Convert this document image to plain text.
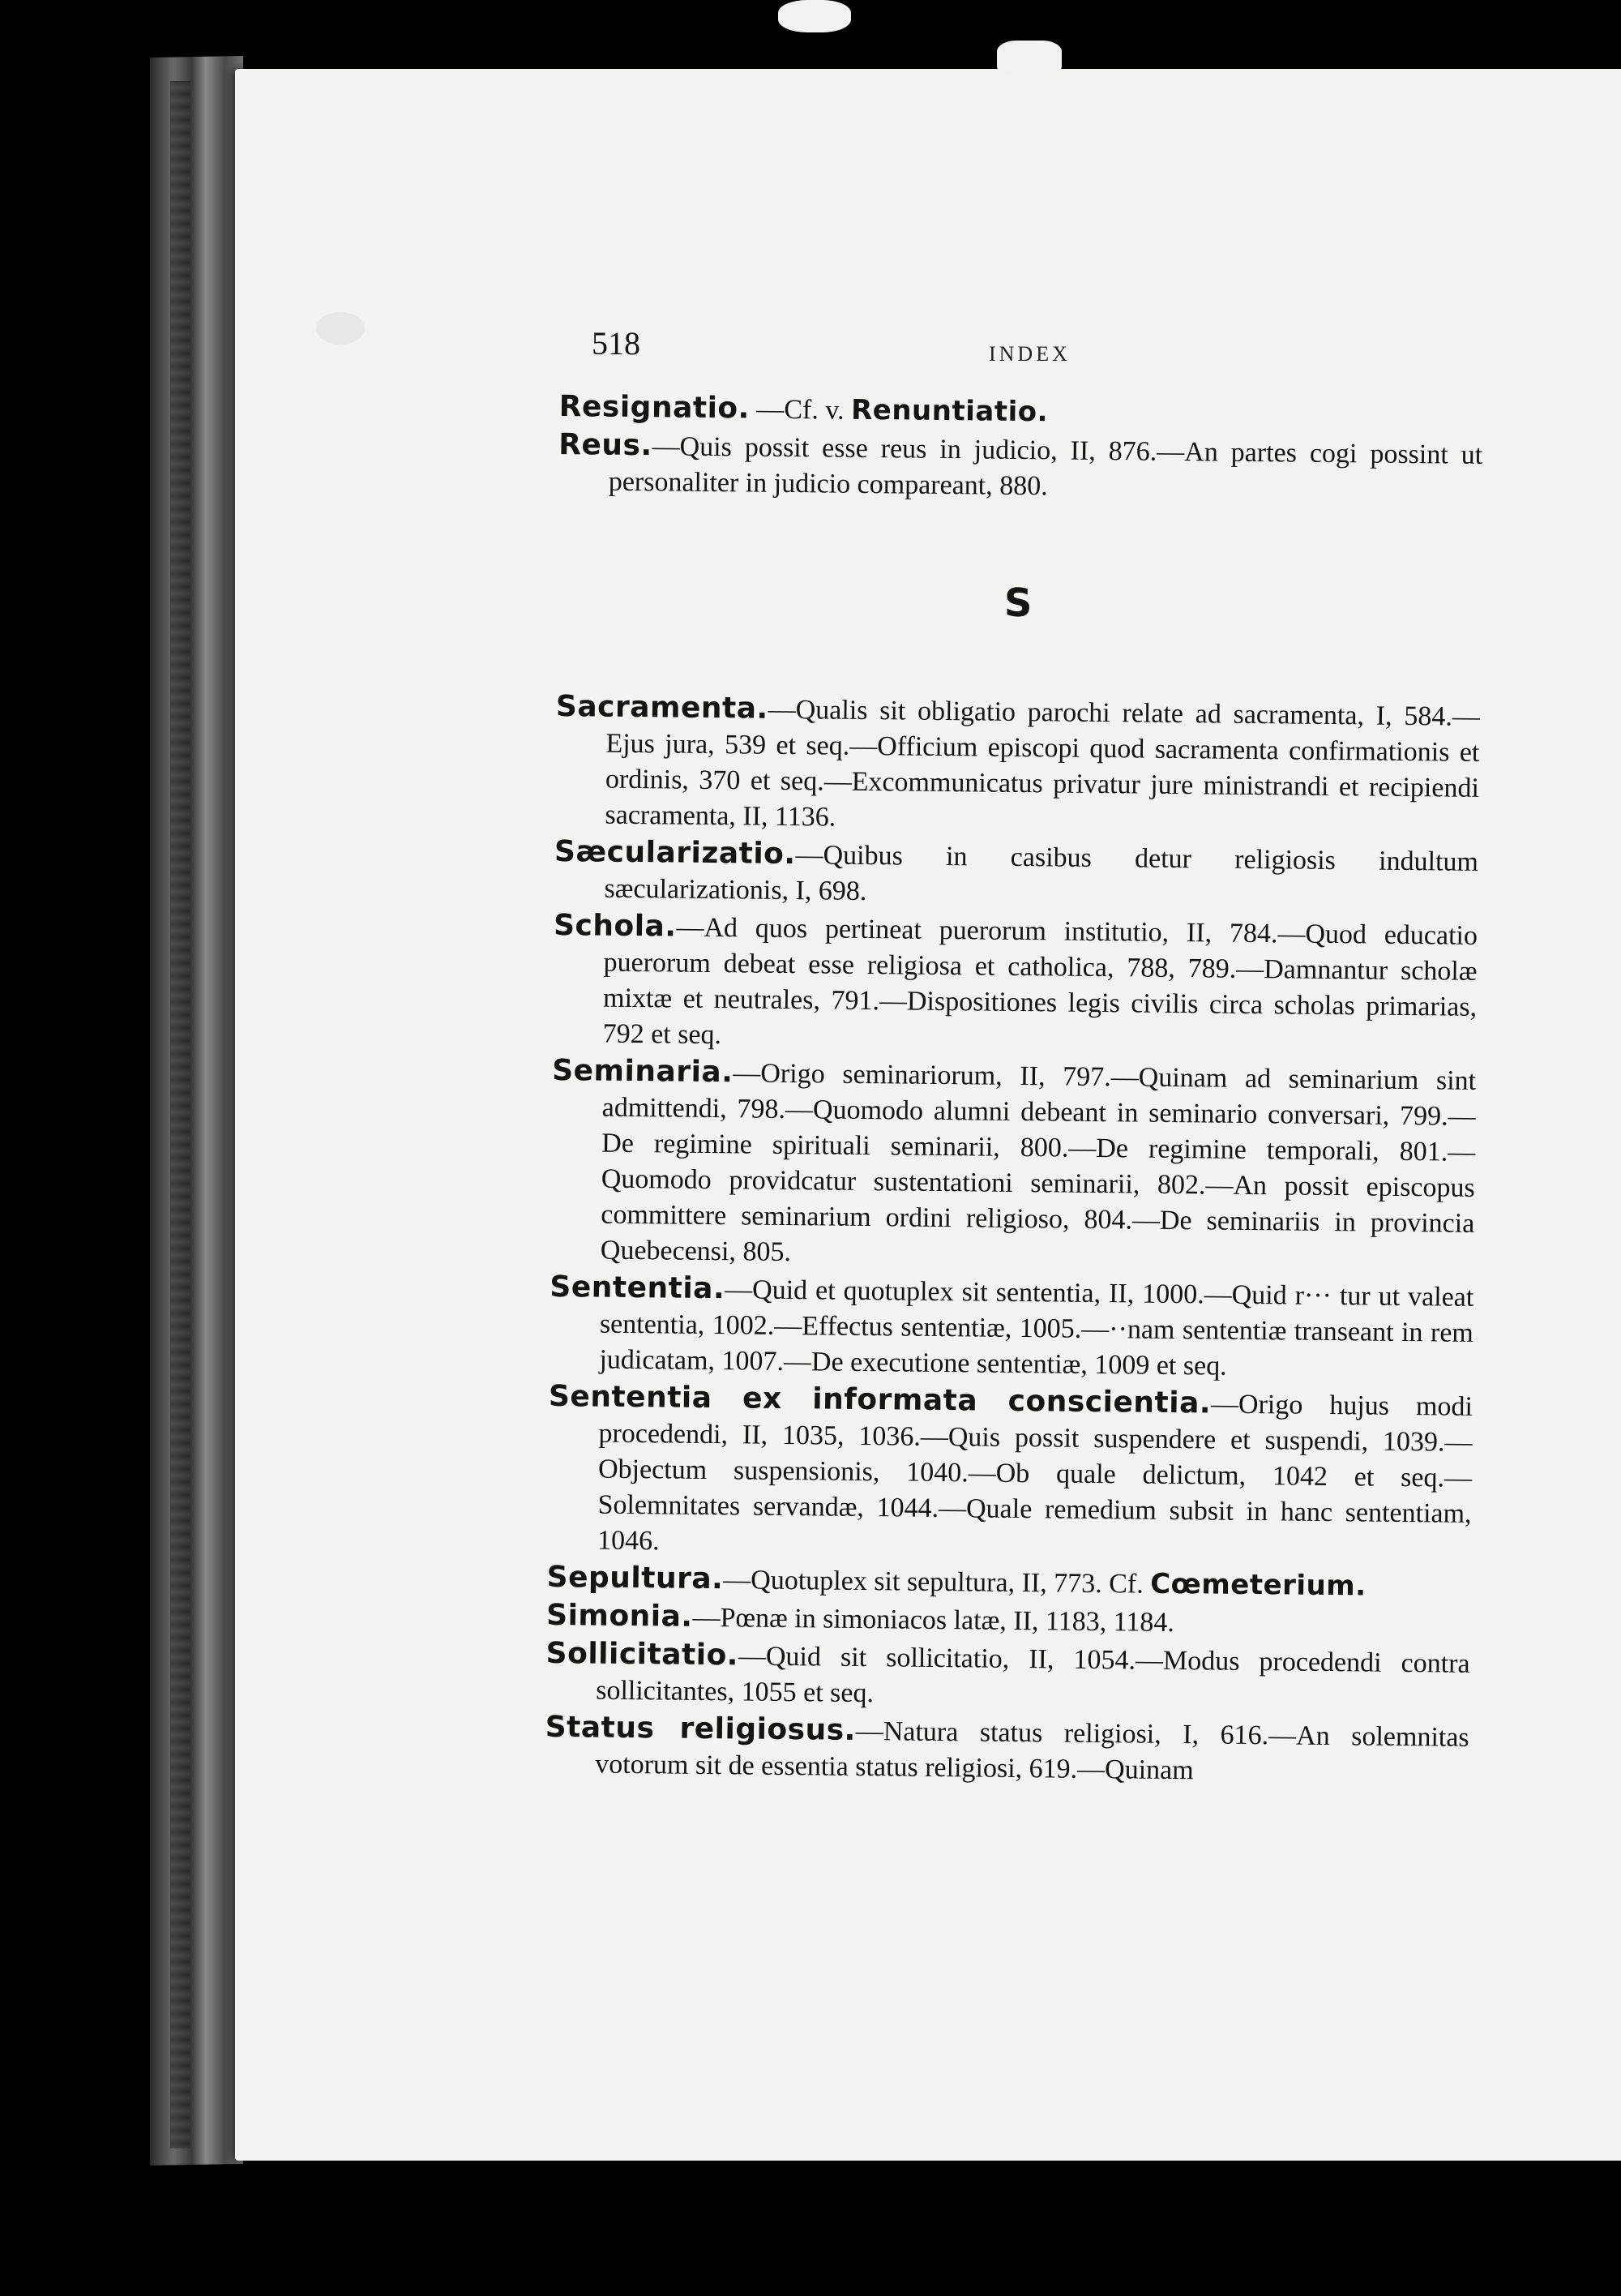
518	INDEX

Resignatio. —Cf. v. Renuntiatio.

Reus.—Quis possit esse reus in judicio, II, 876.—An partes cogi possint ut personaliter in judicio compareant, 880.

S

Sacramenta.—Qualis sit obligatio parochi relate ad sacramenta, I, 584.—Ejus jura, 539 et seq.—Officium episcopi quod sacramenta confirmationis et ordinis, 370 et seq.—Excommunicatus privatur jure ministrandi et recipiendi sacramenta, II, 1136.

Sæcularizatio.—Quibus in casibus detur religiosis indultum sæcularizationis, I, 698.

Schola.—Ad quos pertineat puerorum institutio, II, 784.—Quod educatio puerorum debeat esse religiosa et catholica, 788, 789.—Damnantur scholæ mixtæ et neutrales, 791.—Dispositiones legis civilis circa scholas primarias, 792 et seq.

Seminaria.—Origo seminariorum, II, 797.—Quinam ad seminarium sint admittendi, 798.—Quomodo alumni debeant in seminario conversari, 799.—De regimine spirituali seminarii, 800.—De regimine temporali, 801.—Quomodo providcatur sustentationi seminarii, 802.—An possit episcopus committere seminarium ordini religioso, 804.—De seminariis in provincia Quebecensi, 805.

Sententia.—Quid et quotuplex sit sententia, II, 1000.—Quid r··· tur ut valeat sententia, 1002.—Effectus sententiæ, 1005.—··nam sententiæ transeant in rem judicatam, 1007.—De executione sententiæ, 1009 et seq.

Sententia ex informata conscientia.—Origo hujus modi procedendi, II, 1035, 1036.—Quis possit suspendere et suspendi, 1039.—Objectum suspensionis, 1040.—Ob quale delictum, 1042 et seq.—Solemnitates servandæ, 1044.—Quale remedium subsit in hanc sententiam, 1046.

Sepultura.—Quotuplex sit sepultura, II, 773. Cf. Cœmeterium.

Simonia.—Pœnæ in simoniacos latæ, II, 1183, 1184.

Sollicitatio.—Quid sit sollicitatio, II, 1054.—Modus procedendi contra sollicitantes, 1055 et seq.

Status religiosus.—Natura status religiosi, I, 616.—An solemnitas votorum sit de essentia status religiosi, 619.—Quinam
